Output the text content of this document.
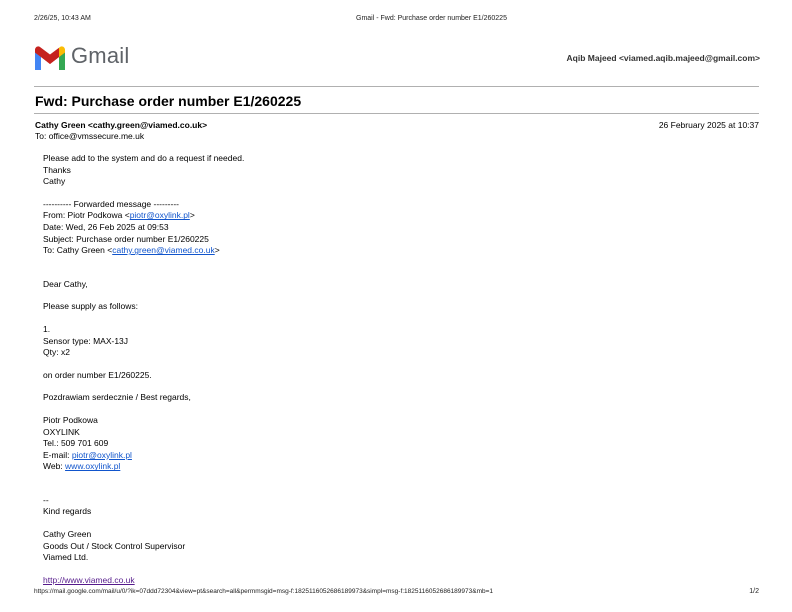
2/26/25, 10:43 AM	Gmail - Fwd: Purchase order number E1/260225
Gmail	Aqib Majeed <viamed.aqib.majeed@gmail.com>
Fwd: Purchase order number E1/260225
Cathy Green <cathy.green@viamed.co.uk>
To: office@vmssecure.me.uk
26 February 2025 at 10:37
Please add to the system and do a request if needed.
Thanks
Cathy
---------- Forwarded message ---------
From: Piotr Podkowa <piotr@oxylink.pl>
Date: Wed, 26 Feb 2025 at 09:53
Subject: Purchase order number E1/260225
To: Cathy Green <cathy.green@viamed.co.uk>
Dear Cathy,
Please supply as follows:
1.
Sensor type: MAX-13J
Qty: x2
on order number E1/260225.
Pozdrawiam serdecznie / Best regards,
Piotr Podkowa
OXYLINK
Tel.: 509 701 609
E-mail: piotr@oxylink.pl
Web: www.oxylink.pl
--
Kind regards
Cathy Green
Goods Out / Stock Control Supervisor
Viamed Ltd.
http://www.viamed.co.uk
https://mail.google.com/mail/u/0/?ik=07ddd72304&view=pt&search=all&permmsgid=msg-f:1825116052686189973&simpl=msg-f:1825116052686189973&mb=1	1/2
